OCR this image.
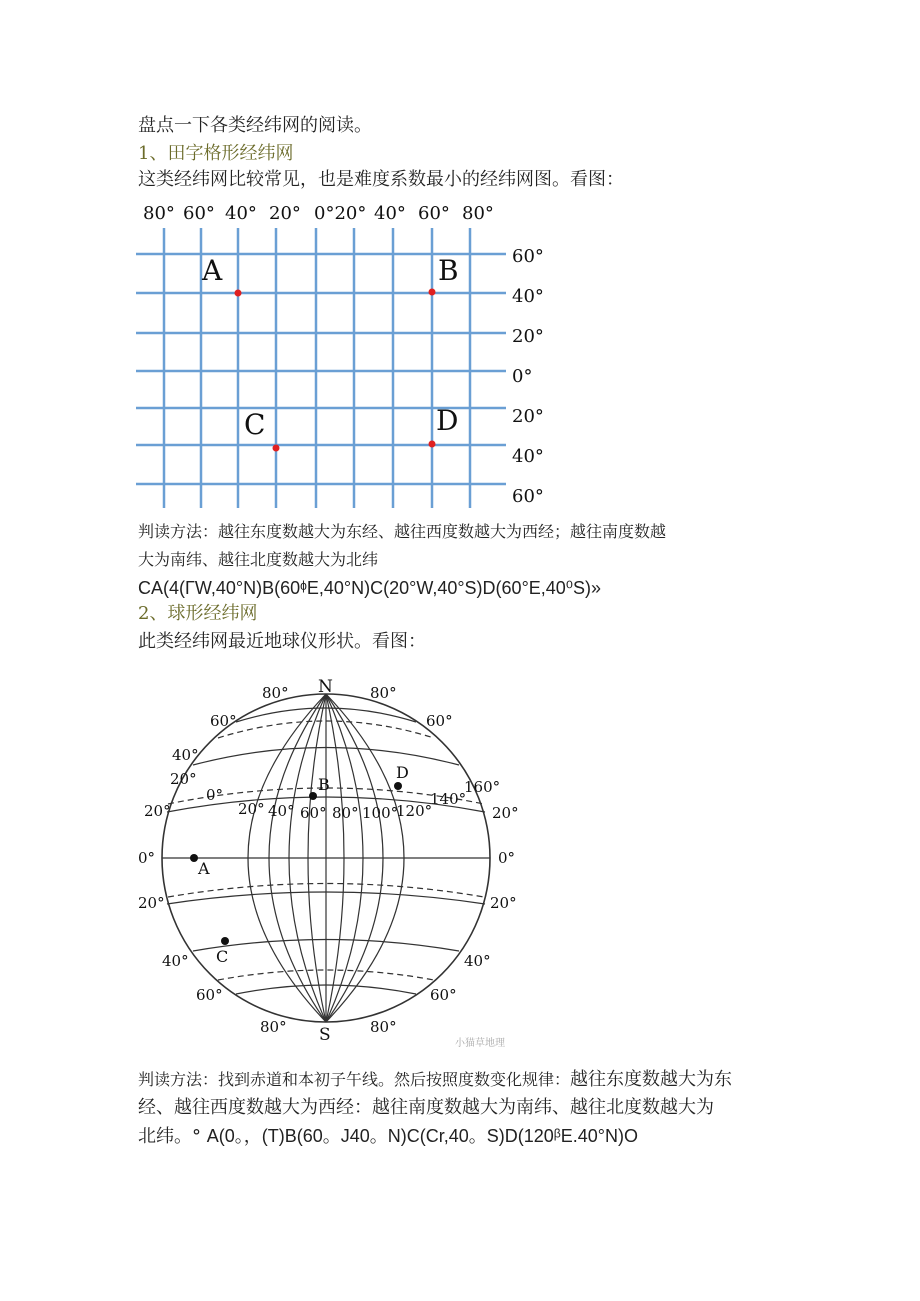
盘点一下各类经纬网的阅读。
1、田字格形经纬网
这类经纬网比较常见，也是难度系数最小的经纬网图。看图：
80° 60° 40° 20° 0°20° 40° 60° 80°
60°
40°
20°
0°
20°
40°
60°
A	B
C	D
判读方法：越往东度数越大为东经、越往西度数越大为西经；越往南度数越
大为南纬、越往北度数越大为北纬
CA(4(ΓW,40°N)B(60ᶲE,40°N)C(20°W,40°S)D(60°E,40⁰S)»
2、球形经纬网
此类经纬网最近地球仪形状。看图：
N
S
80°
60°
40°
20°
20°
0°
20°
40°
60°
80°
80°
60°
160°
20°
0°
20°
40°
60°
80°
0°
20° 40° 60° 80° 100°
120°
140°
B
D
A
C
小猫草地理
判读方法：找到赤道和本初子午线。然后按照度数变化规律：越往东度数越大为东
经、越往西度数越大为西经：越往南度数越大为南纬、越往北度数越大为
北纬。° A(0。，(T)B(60。J40。N)C(Cr,40。S)D(120ᵝE.40°N)O
